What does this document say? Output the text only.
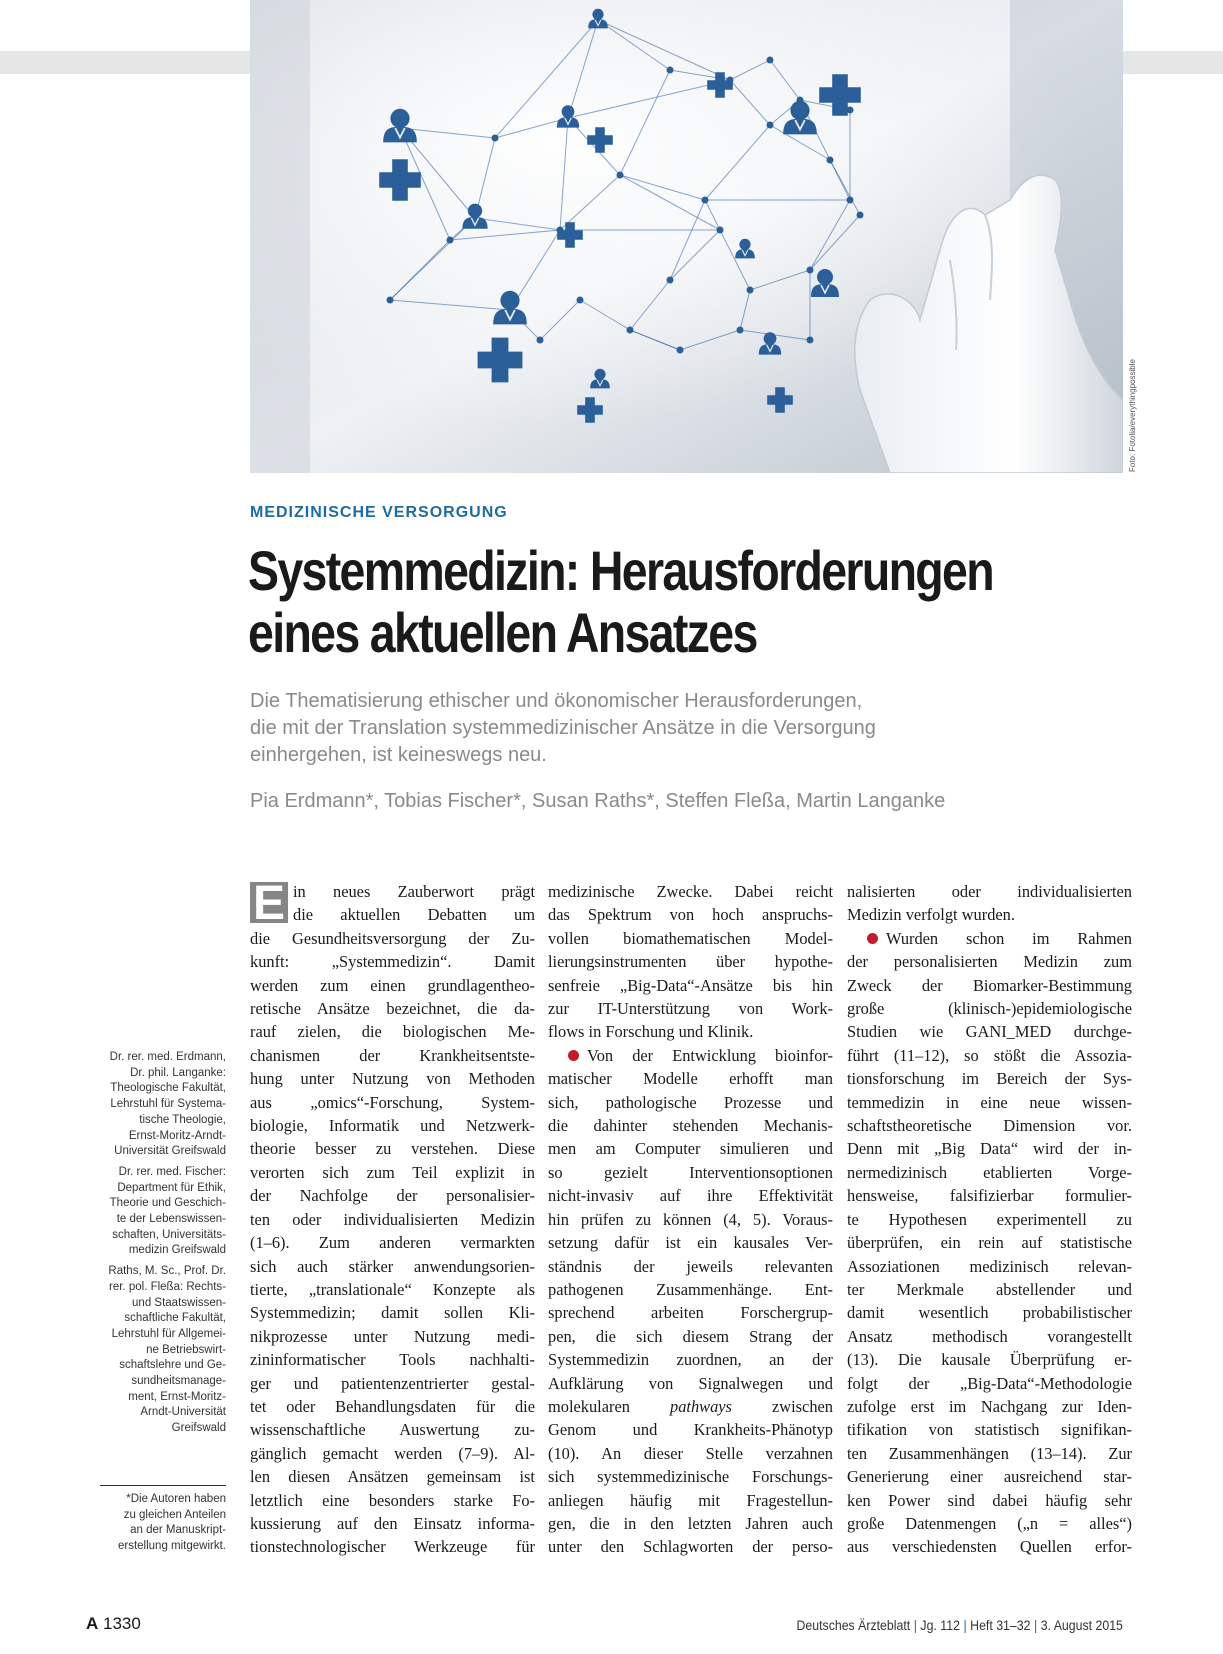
Foto: Fotolia/everythingpossible
MEDIZINISCHE VERSORGUNG
Systemmedizin: Herausforderungen
eines aktuellen Ansatzes
Die Thematisierung ethischer und ökonomischer Herausforderungen,
die mit der Translation systemmedizinischer Ansätze in die Versorgung
einhergehen, ist keineswegs neu.
Pia Erdmann*, Tobias Fischer*, Susan Raths*, Steffen Fleßa, Martin Langanke
Dr. rer. med. Erdmann,
Dr. phil. Langanke:
Theologische Fakultät,
Lehrstuhl für Systema-
tische Theologie,
Ernst-Moritz-Arndt-
Universität Greifswald
Dr. rer. med. Fischer:
Department für Ethik,
Theorie und Geschich-
te der Lebenswissen-
schaften, Universitäts-
medizin Greifswald
Raths, M. Sc., Prof. Dr.
rer. pol. Fleßa: Rechts-
und Staatswissen-
schaftliche Fakultät,
Lehrstuhl für Allgemei-
ne Betriebswirt-
schaftslehre und Ge-
sundheitsmanage-
ment, Ernst-Moritz-
Arndt-Universität
Greifswald
*Die Autoren haben
zu gleichen Anteilen
an der Manuskript-
erstellung mitgewirkt.
E in neues Zauberwort prägt
die aktuellen Debatten um
die Gesundheitsversorgung der Zu-
kunft: „Systemmedizin“. Damit
werden zum einen grundlagentheo-
retische Ansätze bezeichnet, die da-
rauf zielen, die biologischen Me-
chanismen der Krankheitsentste-
hung unter Nutzung von Methoden
aus „omics“-Forschung, System-
biologie, Informatik und Netzwerk-
theorie besser zu verstehen. Diese
verorten sich zum Teil explizit in
der Nachfolge der personalisier-
ten oder individualisierten Medizin
(1–6). Zum anderen vermarkten
sich auch stärker anwendungsorien-
tierte, „translationale“ Konzepte als
Systemmedizin; damit sollen Kli-
nikprozesse unter Nutzung medi-
zininformatischer Tools nachhalti-
ger und patientenzentrierter gestal-
tet oder Behandlungsdaten für die
wissenschaftliche Auswertung zu-
gänglich gemacht werden (7–9). Al-
len diesen Ansätzen gemeinsam ist
letztlich eine besonders starke Fo-
kussierung auf den Einsatz informa-
tionstechnologischer Werkzeuge für
medizinische Zwecke. Dabei reicht
das Spektrum von hoch anspruchs-
vollen biomathematischen Model-
lierungsinstrumenten über hypothe-
senfreie „Big-Data“-Ansätze bis hin
zur IT-Unterstützung von Work-
flows in Forschung und Klinik.
Von der Entwicklung bioinfor-
matischer Modelle erhofft man
sich, pathologische Prozesse und
die dahinter stehenden Mechanis-
men am Computer simulieren und
so gezielt Interventionsoptionen
nicht-invasiv auf ihre Effektivität
hin prüfen zu können (4, 5). Voraus-
setzung dafür ist ein kausales Ver-
ständnis der jeweils relevanten
pathogenen Zusammenhänge. Ent-
sprechend arbeiten Forschergrup-
pen, die sich diesem Strang der
Systemmedizin zuordnen, an der
Aufklärung von Signalwegen und
molekularen pathways zwischen
Genom und Krankheits-Phänotyp
(10). An dieser Stelle verzahnen
sich systemmedizinische Forschungs-
anliegen häufig mit Fragestellun-
gen, die in den letzten Jahren auch
unter den Schlagworten der perso-
nalisierten oder individualisierten
Medizin verfolgt wurden.
Wurden schon im Rahmen
der personalisierten Medizin zum
Zweck der Biomarker-Bestimmung
große (klinisch-)epidemiologische
Studien wie GANI_MED durchge-
führt (11–12), so stößt die Assozia-
tionsforschung im Bereich der Sys-
temmedizin in eine neue wissen-
schaftstheoretische Dimension vor.
Denn mit „Big Data“ wird der in-
nermedizinisch etablierten Vorge-
hensweise, falsifizierbar formulier-
te Hypothesen experimentell zu
überprüfen, ein rein auf statistische
Assoziationen medizinisch relevan-
ter Merkmale abstellender und
damit wesentlich probabilistischer
Ansatz methodisch vorangestellt
(13). Die kausale Überprüfung er-
folgt der „Big-Data“-Methodologie
zufolge erst im Nachgang zur Iden-
tifikation von statistisch signifikan-
ten Zusammenhängen (13–14). Zur
Generierung einer ausreichend star-
ken Power sind dabei häufig sehr
große Datenmengen („n = alles“)
aus verschiedensten Quellen erfor-
A 1330	Deutsches Ärzteblatt | Jg. 112 | Heft 31–32 | 3. August 2015
